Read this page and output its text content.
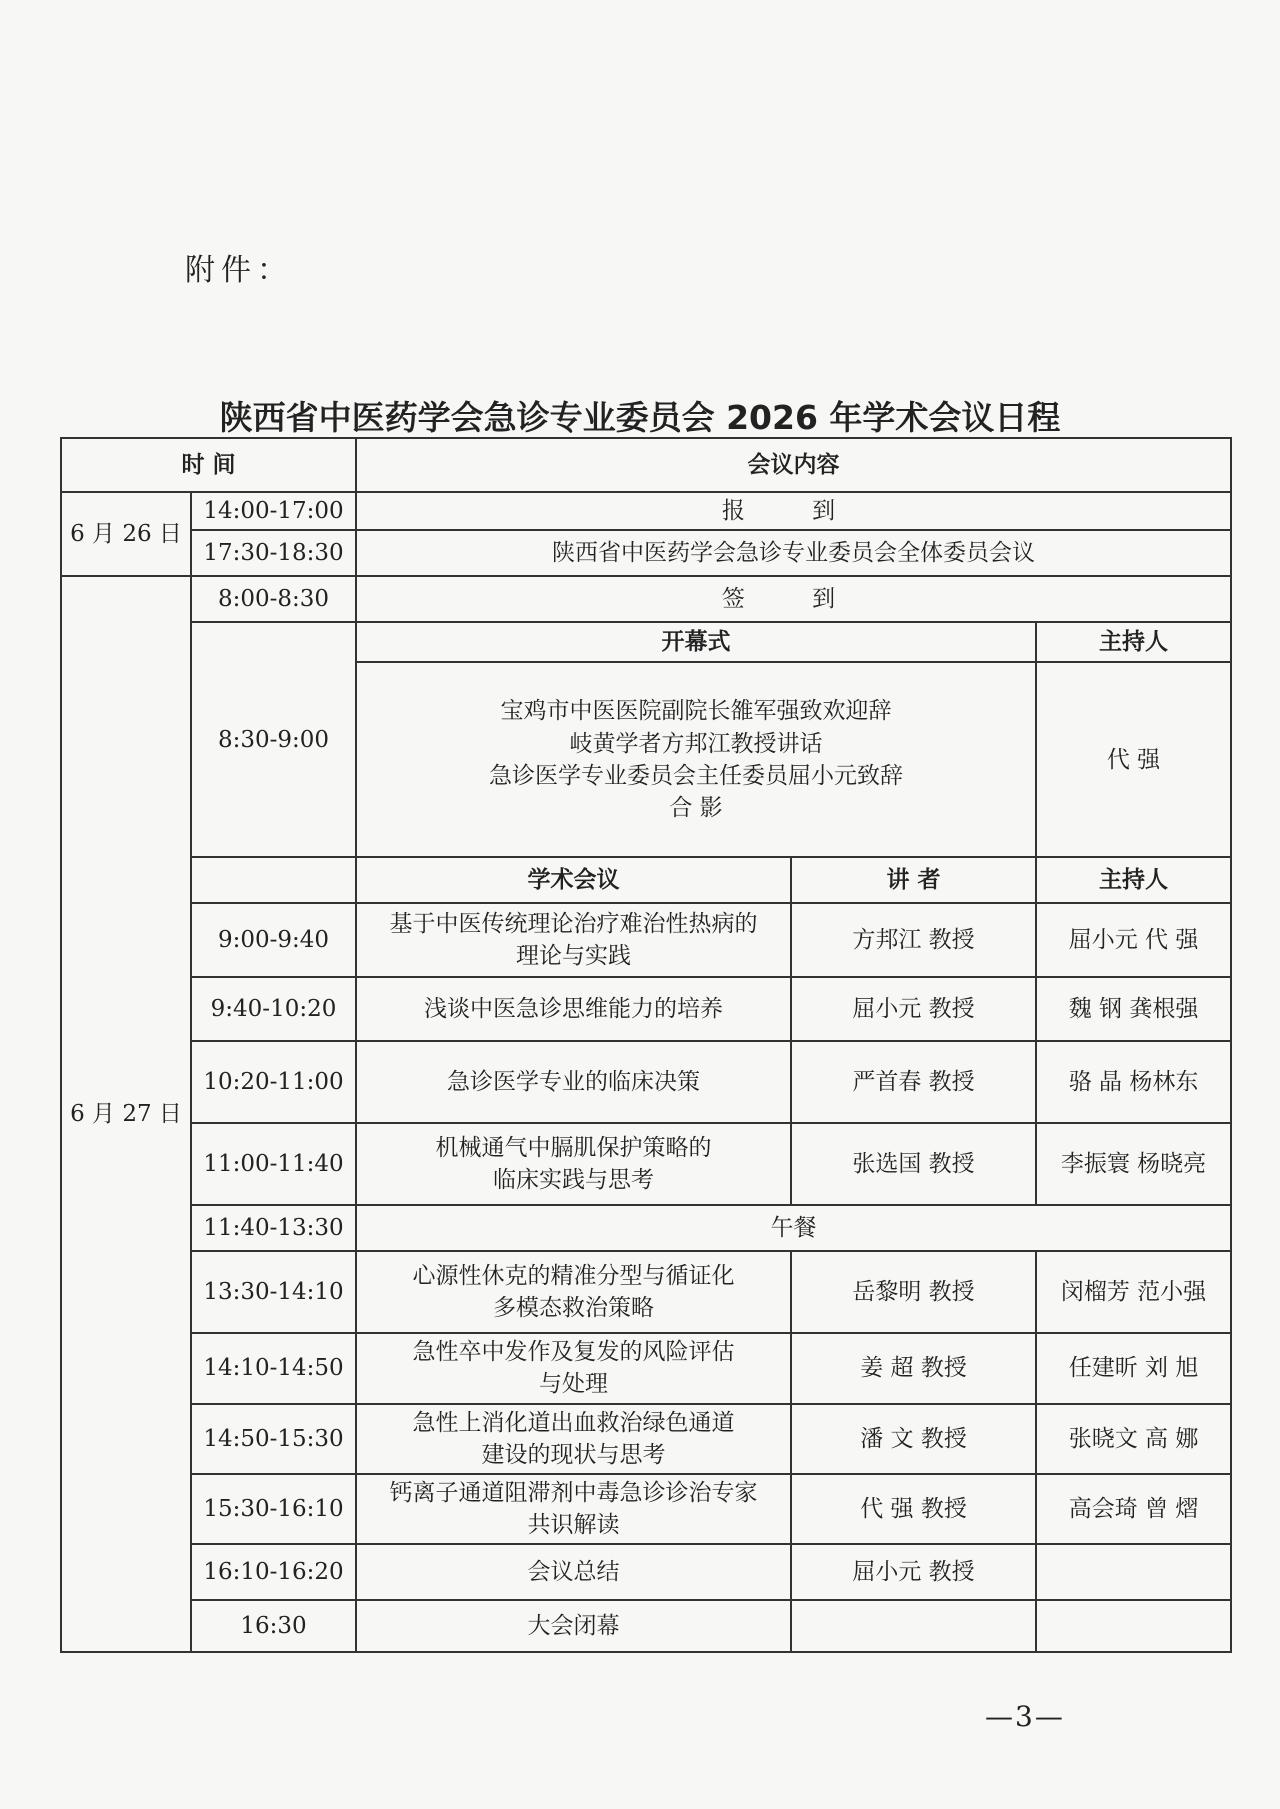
附件：
陕西省中医药学会急诊专业委员会 2026 年学术会议日程
时 间		会议内容		
6 月 26 日	14:00-17:00	报 到		
	17:30-18:30	陕西省中医药学会急诊专业委员会全体委员会议		
6 月 27 日	8:00-8:30	签 到		
	8:30-9:00	开幕式		主持人

		宝鸡市中医医院副院长雒军强致欢迎辞
岐黄学者方邦江教授讲话
急诊医学专业委员会主任委员屈小元致辞
合 影		代 强
		学术会议	讲 者	主持人
	9:00-9:40	基于中医传统理论治疗难治性热病的
理论与实践	方邦江 教授	屈小元 代 强
	9:40-10:20	浅谈中医急诊思维能力的培养	屈小元 教授	魏 钢 龚根强
	10:20-11:00	急诊医学专业的临床决策	严首春 教授	骆 晶 杨林东
	11:00-11:40	机械通气中膈肌保护策略的
临床实践与思考	张选国 教授	李振寰 杨晓亮
	11:40-13:30	午餐		
	13:30-14:10	心源性休克的精准分型与循证化
多模态救治策略	岳黎明 教授	闵榴芳 范小强
	14:10-14:50	急性卒中发作及复发的风险评估
与处理	姜 超 教授	任建昕 刘 旭
	14:50-15:30	急性上消化道出血救治绿色通道
建设的现状与思考	潘 文 教授	张晓文 高 娜
	15:30-16:10	钙离子通道阻滞剂中毒急诊诊治专家
共识解读	代 强 教授	高会琦 曾 熠
	16:10-16:20	会议总结	屈小元 教授	
	16:30	大会闭幕		

—3—
